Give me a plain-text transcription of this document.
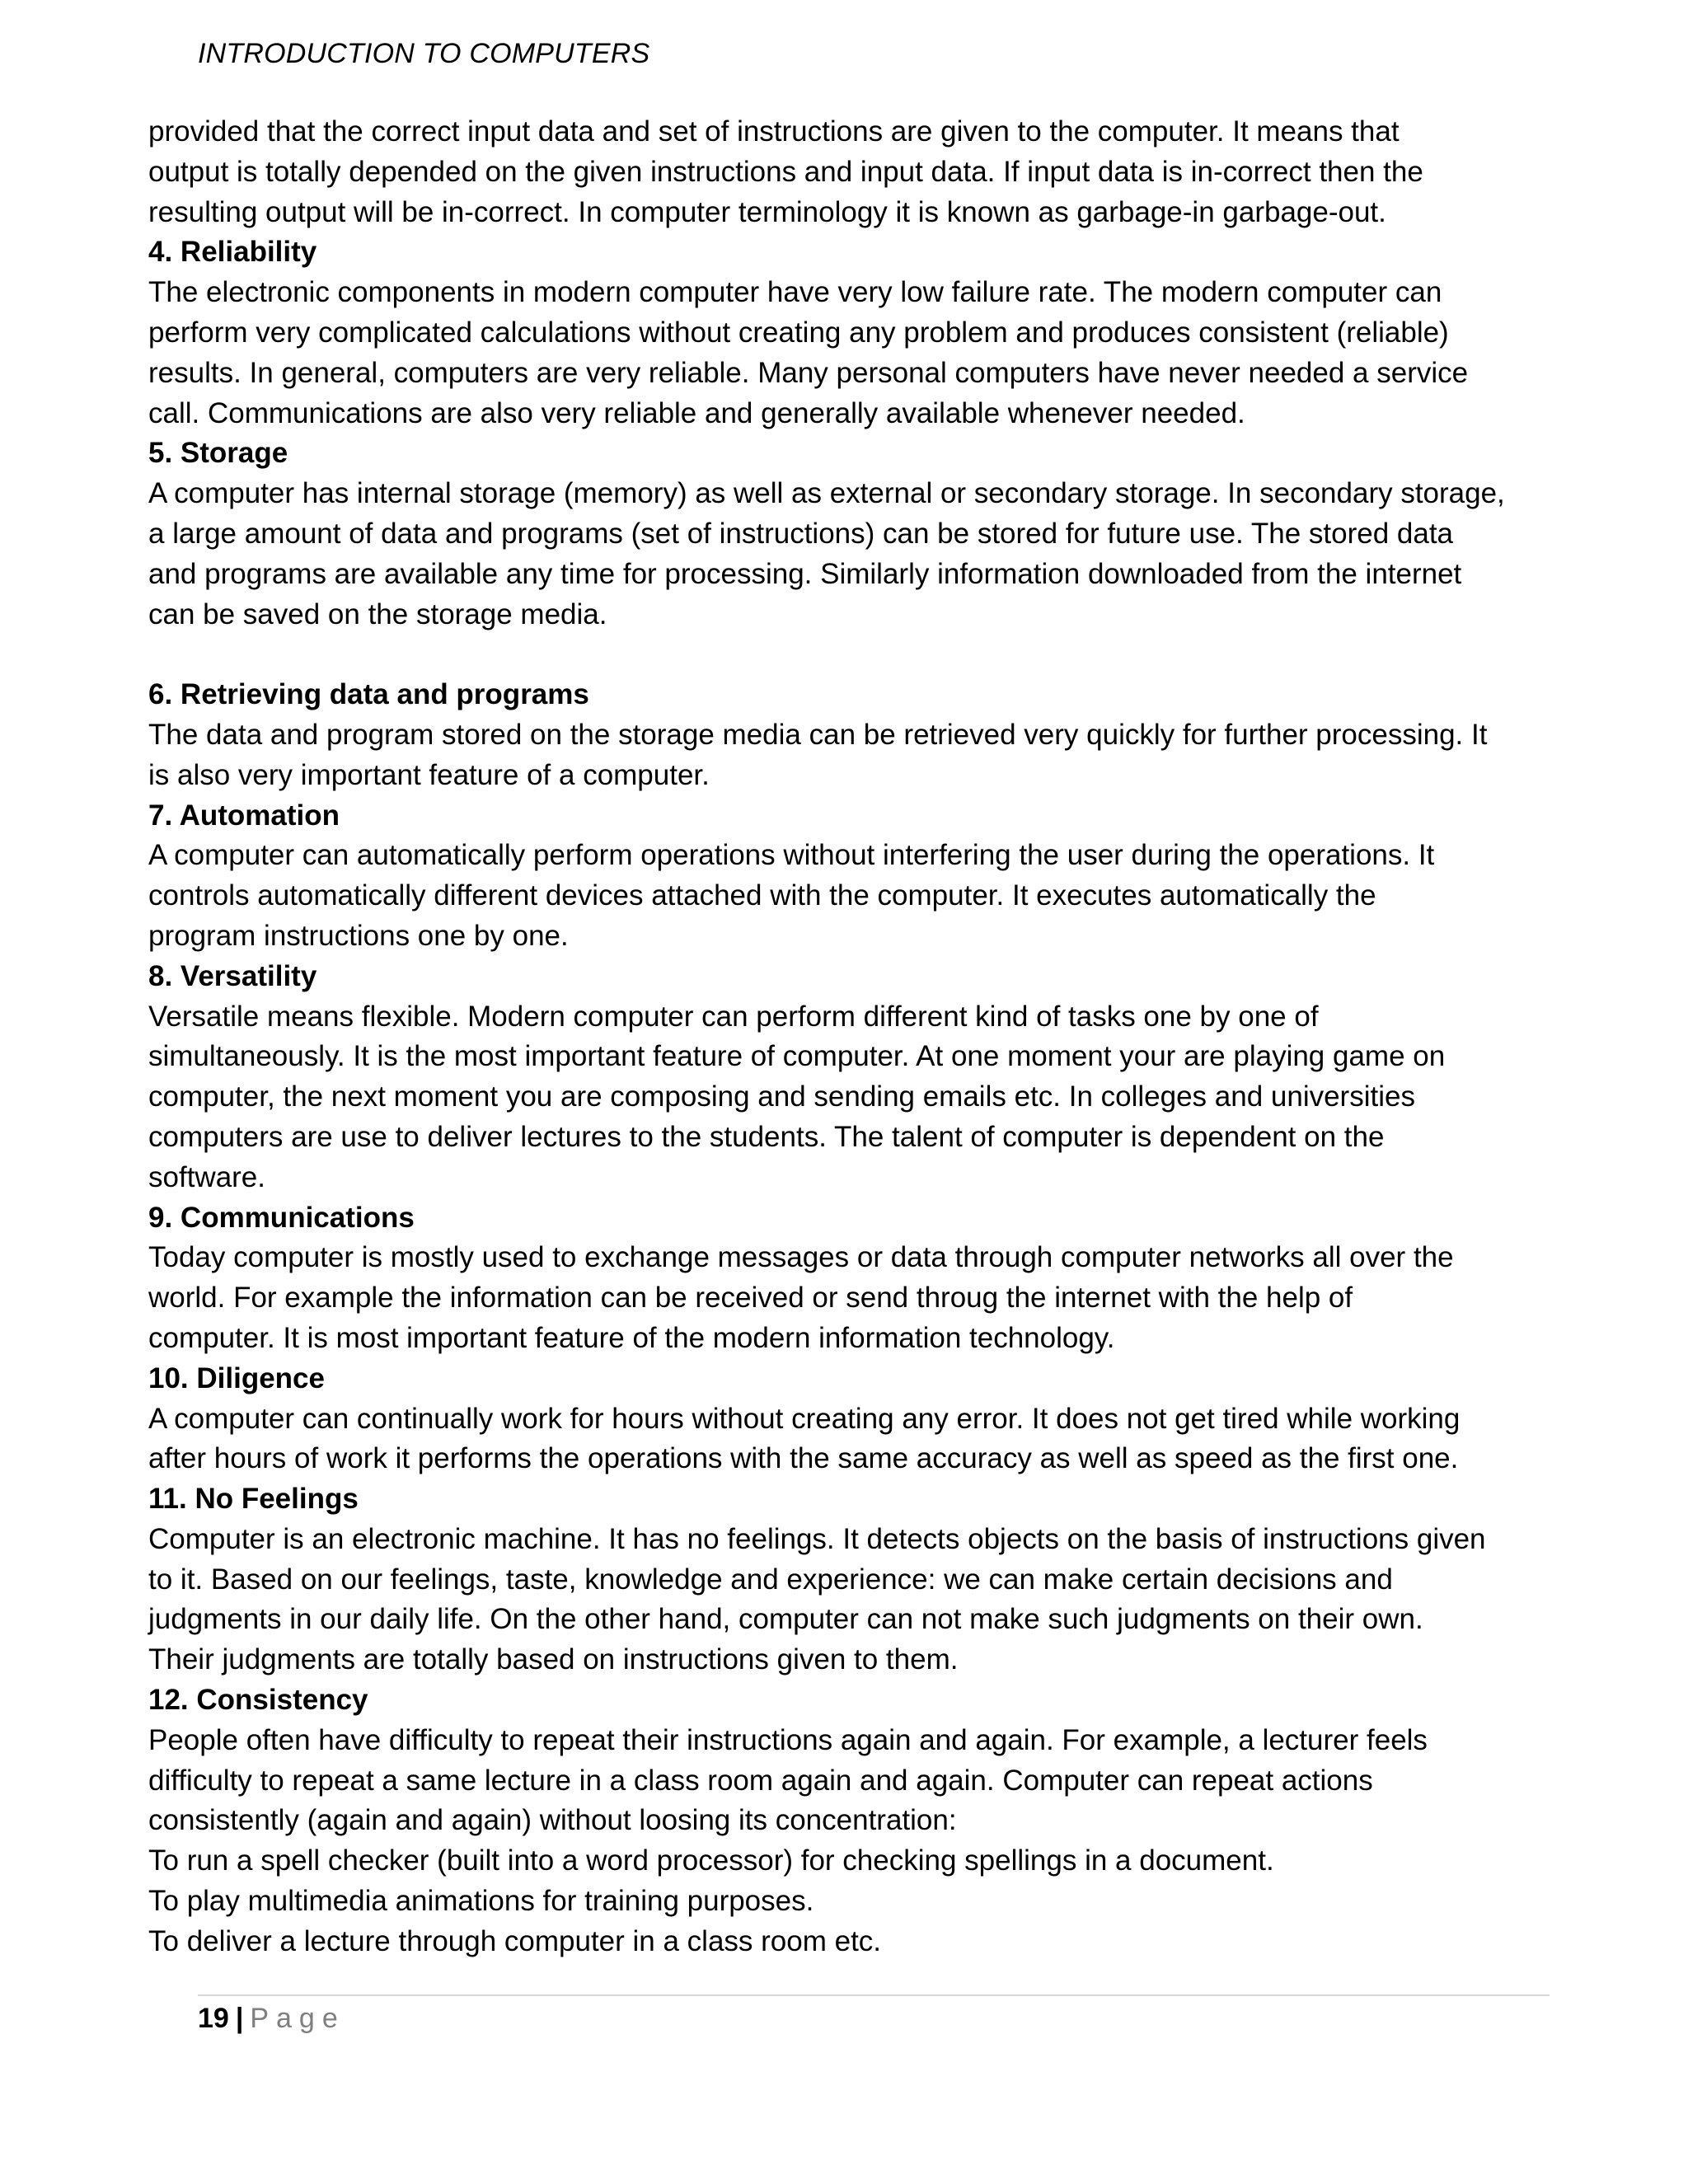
INTRODUCTION TO COMPUTERS

provided that the correct input data and set of instructions are given to the computer. It means that

output is totally depended on the given instructions and input data. If input data is in-correct then the

resulting output will be in-correct. In computer terminology it is known as garbage-in garbage-out.

4. Reliability

The electronic components in modern computer have very low failure rate. The modern computer can

perform very complicated calculations without creating any problem and produces consistent (reliable)

results. In general, computers are very reliable. Many personal computers have never needed a service

call. Communications are also very reliable and generally available whenever needed.

5. Storage

A computer has internal storage (memory) as well as external or secondary storage. In secondary storage,

a large amount of data and programs (set of instructions) can be stored for future use. The stored data

and programs are available any time for processing. Similarly information downloaded from the internet

can be saved on the storage media.

6. Retrieving data and programs

The data and program stored on the storage media can be retrieved very quickly for further processing. It

is also very important feature of a computer.

7. Automation

A computer can automatically perform operations without interfering the user during the operations. It

controls automatically different devices attached with the computer. It executes automatically the

program instructions one by one.

8. Versatility

Versatile means flexible. Modern computer can perform different kind of tasks one by one of

simultaneously. It is the most important feature of computer. At one moment your are playing game on

computer, the next moment you are composing and sending emails etc. In colleges and universities

computers are use to deliver lectures to the students. The talent of computer is dependent on the

software.

9. Communications

Today computer is mostly used to exchange messages or data through computer networks all over the

world. For example the information can be received or send throug the internet with the help of

computer. It is most important feature of the modern information technology.

10. Diligence

A computer can continually work for hours without creating any error. It does not get tired while working

after hours of work it performs the operations with the same accuracy as well as speed as the first one.

11. No Feelings

Computer is an electronic machine. It has no feelings. It detects objects on the basis of instructions given

to it. Based on our feelings, taste, knowledge and experience: we can make certain decisions and

judgments in our daily life. On the other hand, computer can not make such judgments on their own.

Their judgments are totally based on instructions given to them.

12. Consistency

People often have difficulty to repeat their instructions again and again. For example, a lecturer feels

difficulty to repeat a same lecture in a class room again and again. Computer can repeat actions

consistently (again and again) without loosing its concentration:

To run a spell checker (built into a word processor) for checking spellings in a document.

To play multimedia animations for training purposes.

To deliver a lecture through computer in a class room etc.

19 | Page
